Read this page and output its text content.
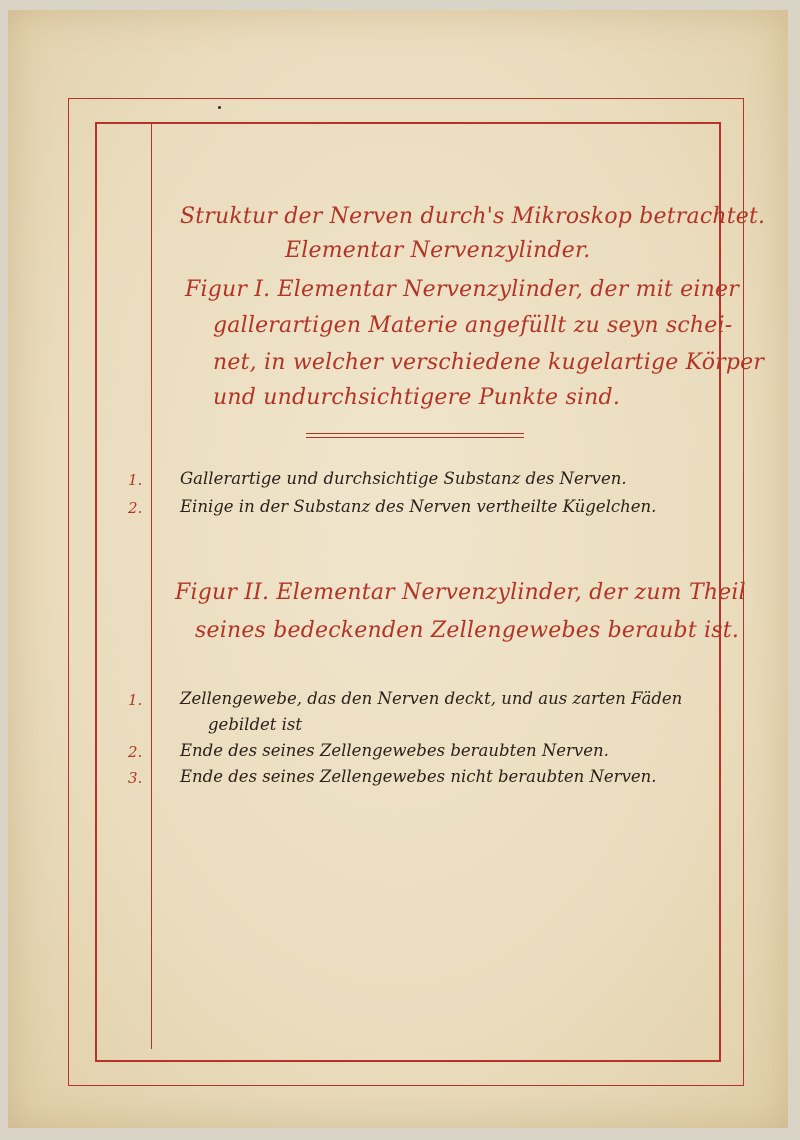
Struktur der Nerven durch's Mikroskop betrachtet.

Elementar Nervenzylinder.

Figur I. Elementar Nervenzylinder, der mit einer

gallerartigen Materie angefüllt zu seyn schei-

net, in welcher verschiedene kugelartige Körper

und undurchsichtigere Punkte sind.

1. Gallerartige und durchsichtige Substanz des Nerven.

2. Einige in der Substanz des Nerven vertheilte Kügelchen.

Figur II. Elementar Nervenzylinder, der zum Theil

seines bedeckenden Zellengewebes beraubt ist.

1. Zellengewebe, das den Nerven deckt, und aus zarten Fäden

gebildet ist

2. Ende des seines Zellengewebes beraubten Nerven.

3. Ende des seines Zellengewebes nicht beraubten Nerven.
